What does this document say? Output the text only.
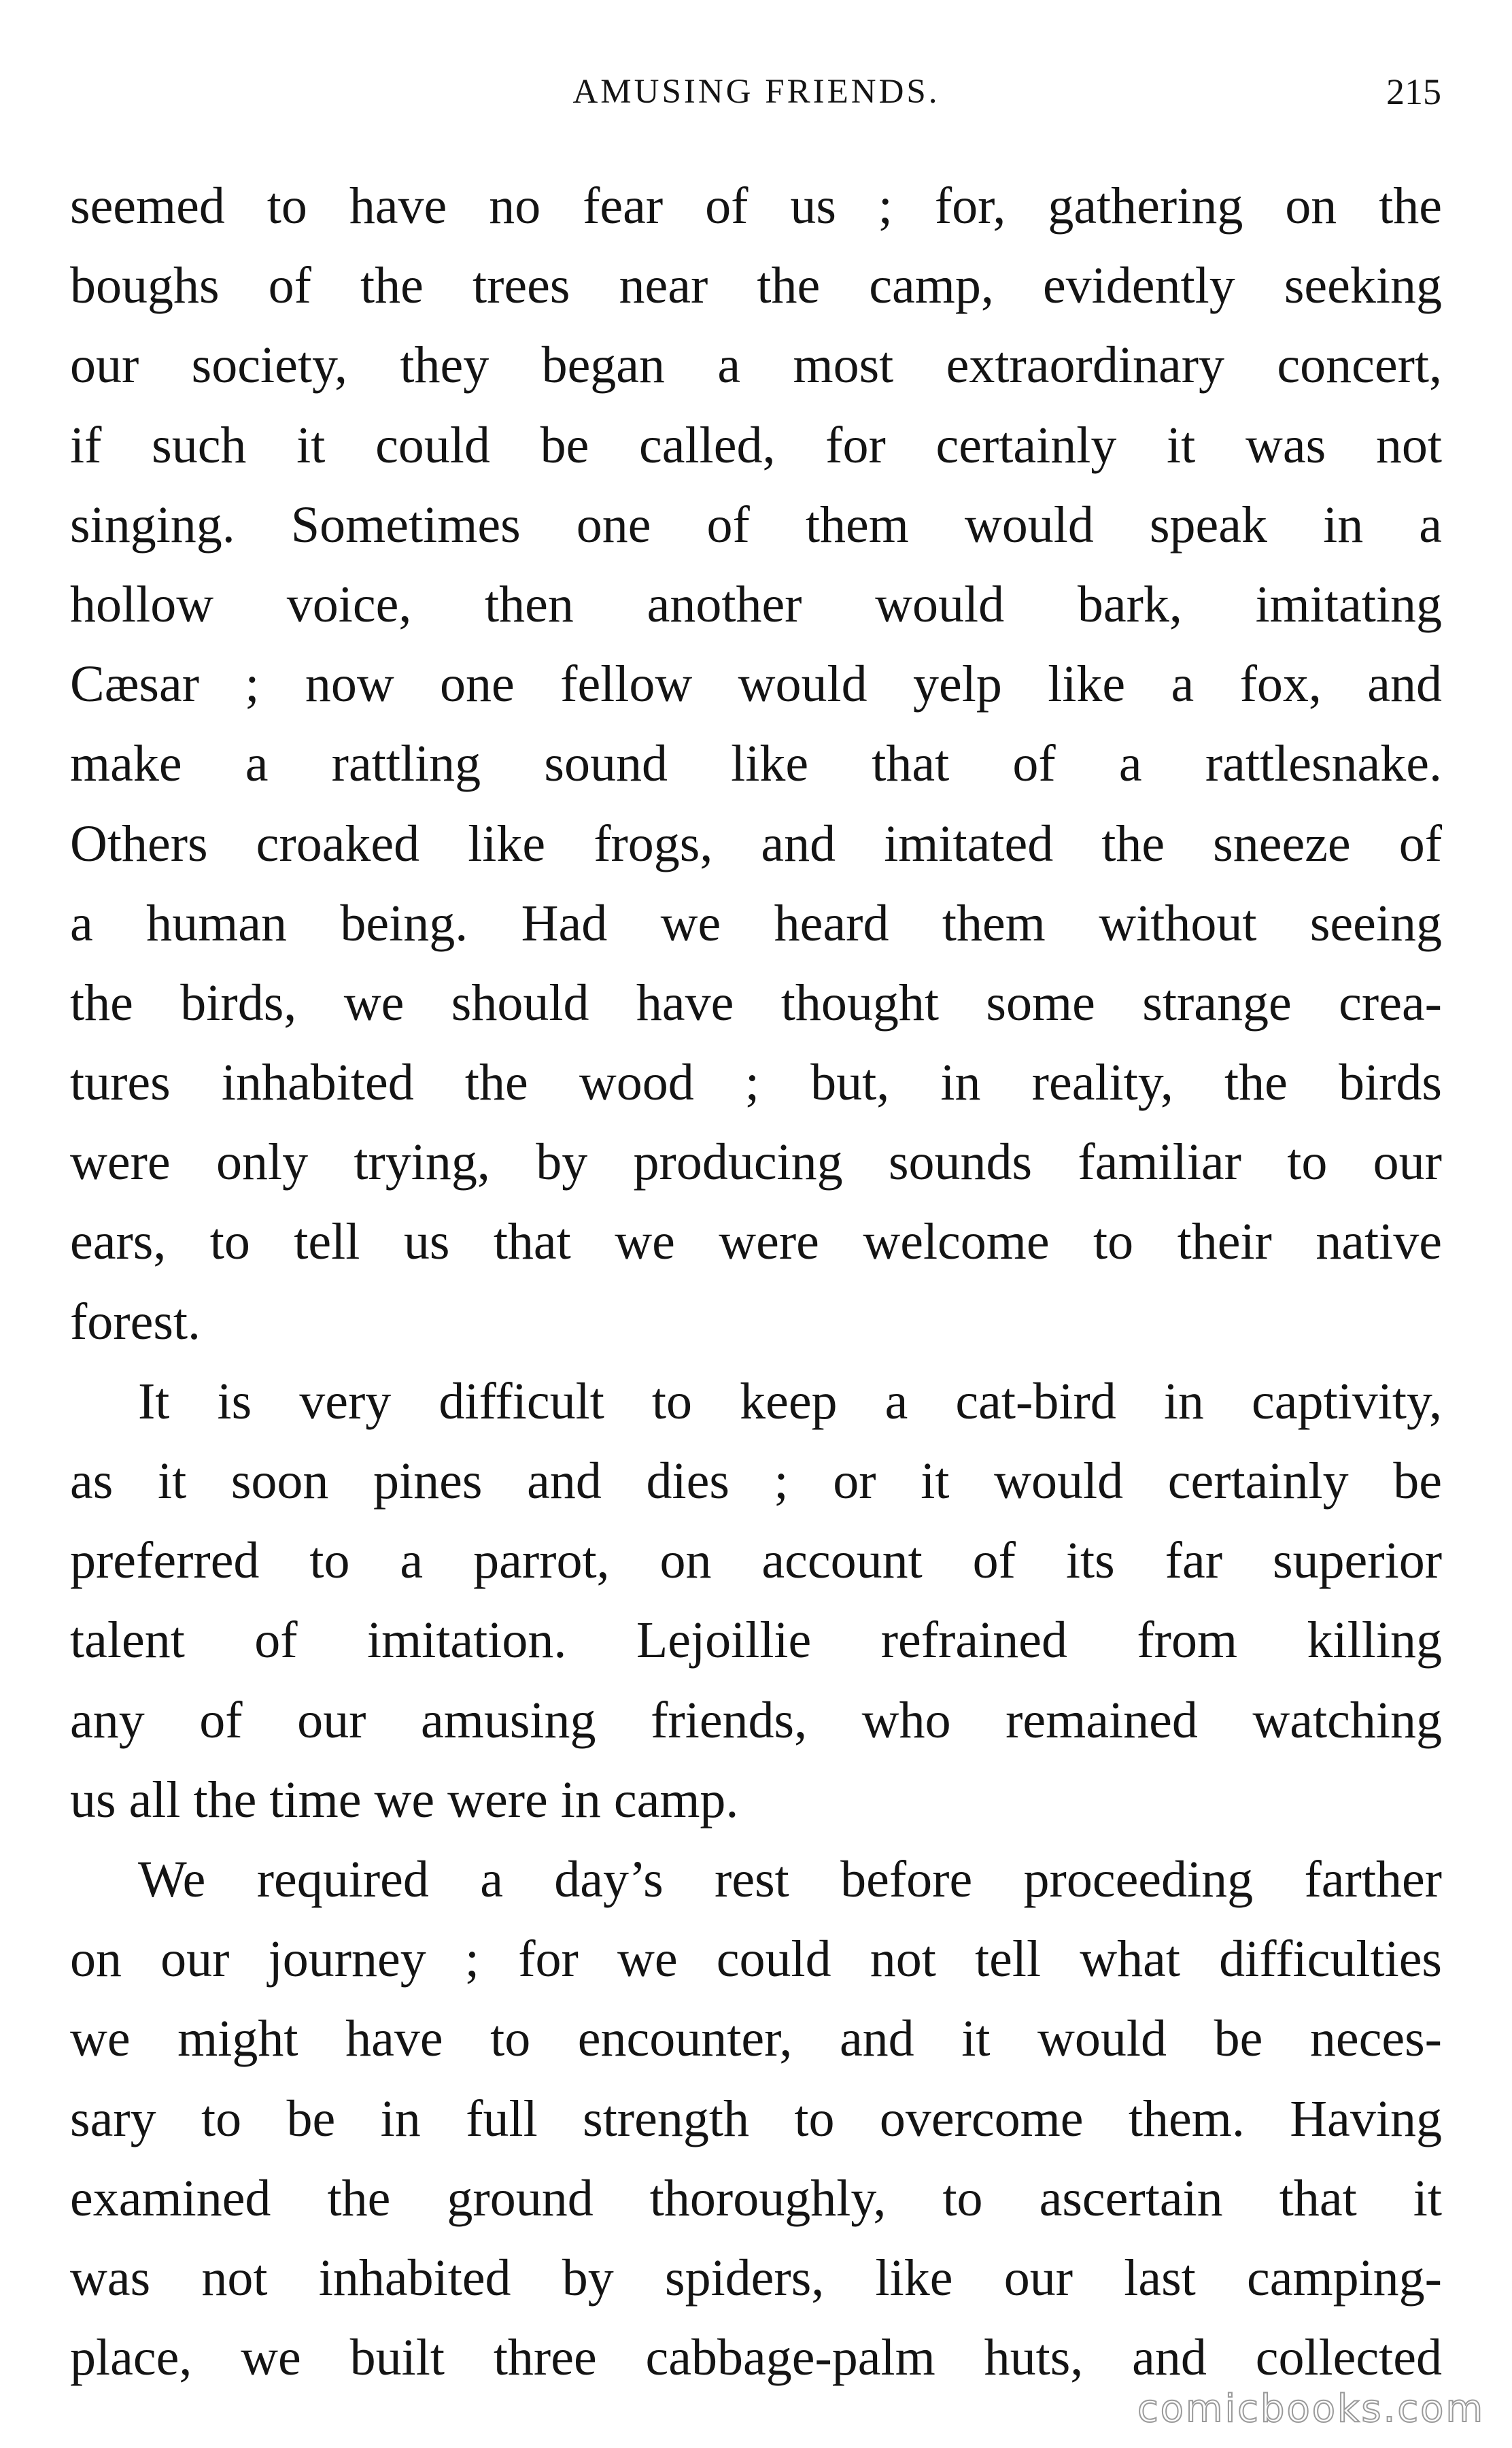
AMUSING FRIENDS.	215

seemed to have no fear of us ; for, gathering on the
boughs of the trees near the camp, evidently seeking
our society, they began a most extraordinary concert,
if such it could be called, for certainly it was not
singing. Sometimes one of them would speak in a
hollow voice, then another would bark, imitating
Cæsar ; now one fellow would yelp like a fox, and
make a rattling sound like that of a rattlesnake.
Others croaked like frogs, and imitated the sneeze of
a human being. Had we heard them without seeing
the birds, we should have thought some strange crea-
tures inhabited the wood ; but, in reality, the birds
were only trying, by producing sounds familiar to our
ears, to tell us that we were welcome to their native
forest.

It is very difficult to keep a cat-bird in captivity,
as it soon pines and dies ; or it would certainly be
preferred to a parrot, on account of its far superior
talent of imitation. Lejoillie refrained from killing
any of our amusing friends, who remained watching
us all the time we were in camp.

We required a day’s rest before proceeding farther
on our journey ; for we could not tell what difficulties
we might have to encounter, and it would be neces-
sary to be in full strength to overcome them. Having
examined the ground thoroughly, to ascertain that it
was not inhabited by spiders, like our last camping-
place, we built three cabbage-palm huts, and collected

comicbooks.com
